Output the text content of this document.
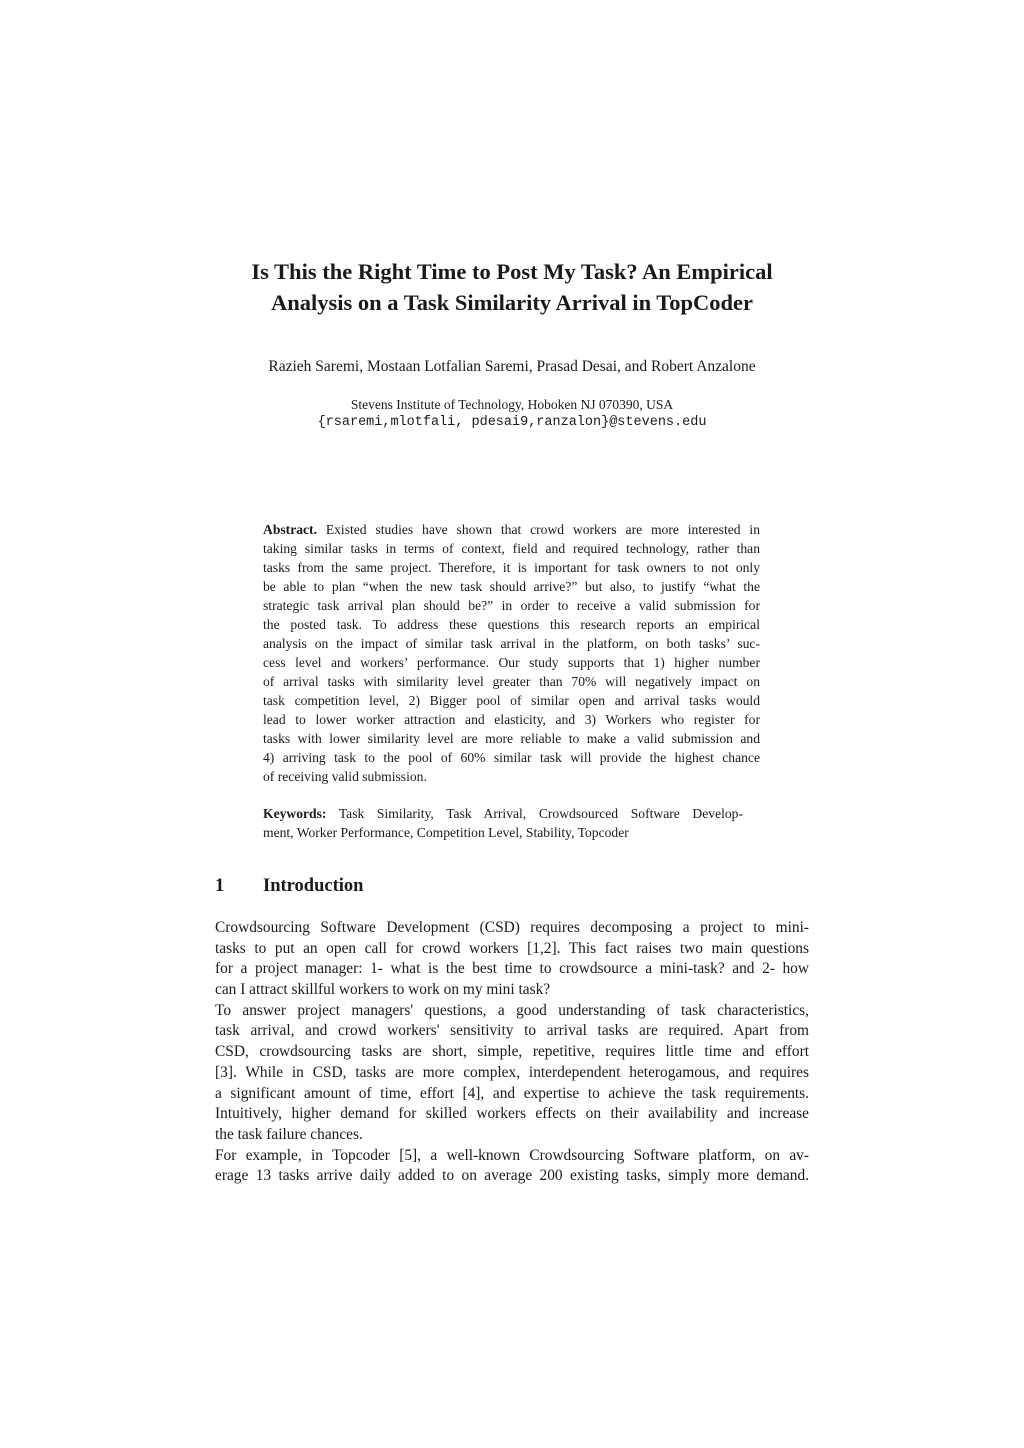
Is This the Right Time to Post My Task? An Empirical
Analysis on a Task Similarity Arrival in TopCoder
Razieh Saremi, Mostaan Lotfalian Saremi, Prasad Desai, and Robert Anzalone
Stevens Institute of Technology, Hoboken NJ 070390, USA
{rsaremi,mlotfali, pdesai9,ranzalon}@stevens.edu
Abstract. Existed studies have shown that crowd workers are more interested in
taking similar tasks in terms of context, field and required technology, rather than
tasks from the same project. Therefore, it is important for task owners to not only
be able to plan “when the new task should arrive?” but also, to justify “what the
strategic task arrival plan should be?” in order to receive a valid submission for
the posted task. To address these questions this research reports an empirical
analysis on the impact of similar task arrival in the platform, on both tasks’ suc-
cess level and workers’ performance. Our study supports that 1) higher number
of arrival tasks with similarity level greater than 70% will negatively impact on
task competition level, 2) Bigger pool of similar open and arrival tasks would
lead to lower worker attraction and elasticity, and 3) Workers who register for
tasks with lower similarity level are more reliable to make a valid submission and
4) arriving task to the pool of 60% similar task will provide the highest chance
of receiving valid submission.
Keywords: Task Similarity, Task Arrival, Crowdsourced Software Develop-
ment, Worker Performance, Competition Level, Stability, Topcoder
1 Introduction
Crowdsourcing Software Development (CSD) requires decomposing a project to mini-
tasks to put an open call for crowd workers [1,2]. This fact raises two main questions
for a project manager: 1- what is the best time to crowdsource a mini-task? and 2- how
can I attract skillful workers to work on my mini task?
To answer project managers' questions, a good understanding of task characteristics,
task arrival, and crowd workers' sensitivity to arrival tasks are required. Apart from
CSD, crowdsourcing tasks are short, simple, repetitive, requires little time and effort
[3]. While in CSD, tasks are more complex, interdependent heterogamous, and requires
a significant amount of time, effort [4], and expertise to achieve the task requirements.
Intuitively, higher demand for skilled workers effects on their availability and increase
the task failure chances.
For example, in Topcoder [5], a well-known Crowdsourcing Software platform, on av-
erage 13 tasks arrive daily added to on average 200 existing tasks, simply more demand.
